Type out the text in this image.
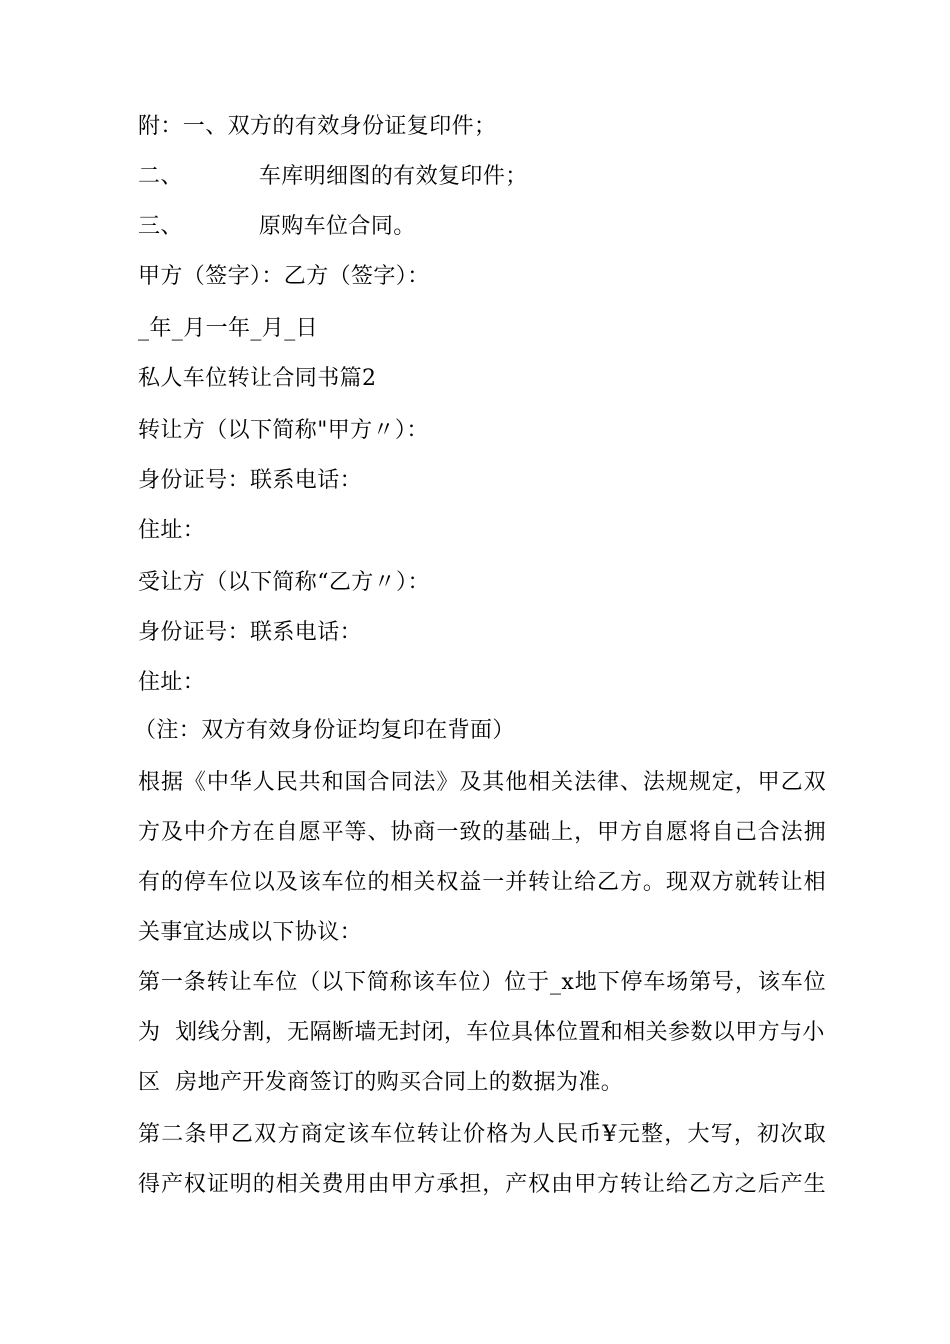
附：一、双方的有效身份证复印件；
二、	车库明细图的有效复印件；
三、	原购车位合同。
甲方（签字）：乙方（签字）：
_年_月一年_月_日
私人车位转让合同书篇2
转让方（以下简称"甲方〃）：
身份证号：联系电话：
住址：
受让方（以下简称“乙方〃）：
身份证号：联系电话：
住址：
（注：双方有效身份证均复印在背面）
根据《中华人民共和国合同法》及其他相关法律、法规规定，甲乙双
方及中介方在自愿平等、协商一致的基础上，甲方自愿将自己合法拥
有的停车位以及该车位的相关权益一并转让给乙方。现双方就转让相
关事宜达成以下协议：
第一条转让车位（以下简称该车位）位于_x地下停车场第号，该车位
为  划线分割，无隔断墙无封闭，车位具体位置和相关参数以甲方与小
区  房地产开发商签订的购买合同上的数据为准。
第二条甲乙双方商定该车位转让价格为人民币¥元整，大写，初次取
得产权证明的相关费用由甲方承担，产权由甲方转让给乙方之后产生
